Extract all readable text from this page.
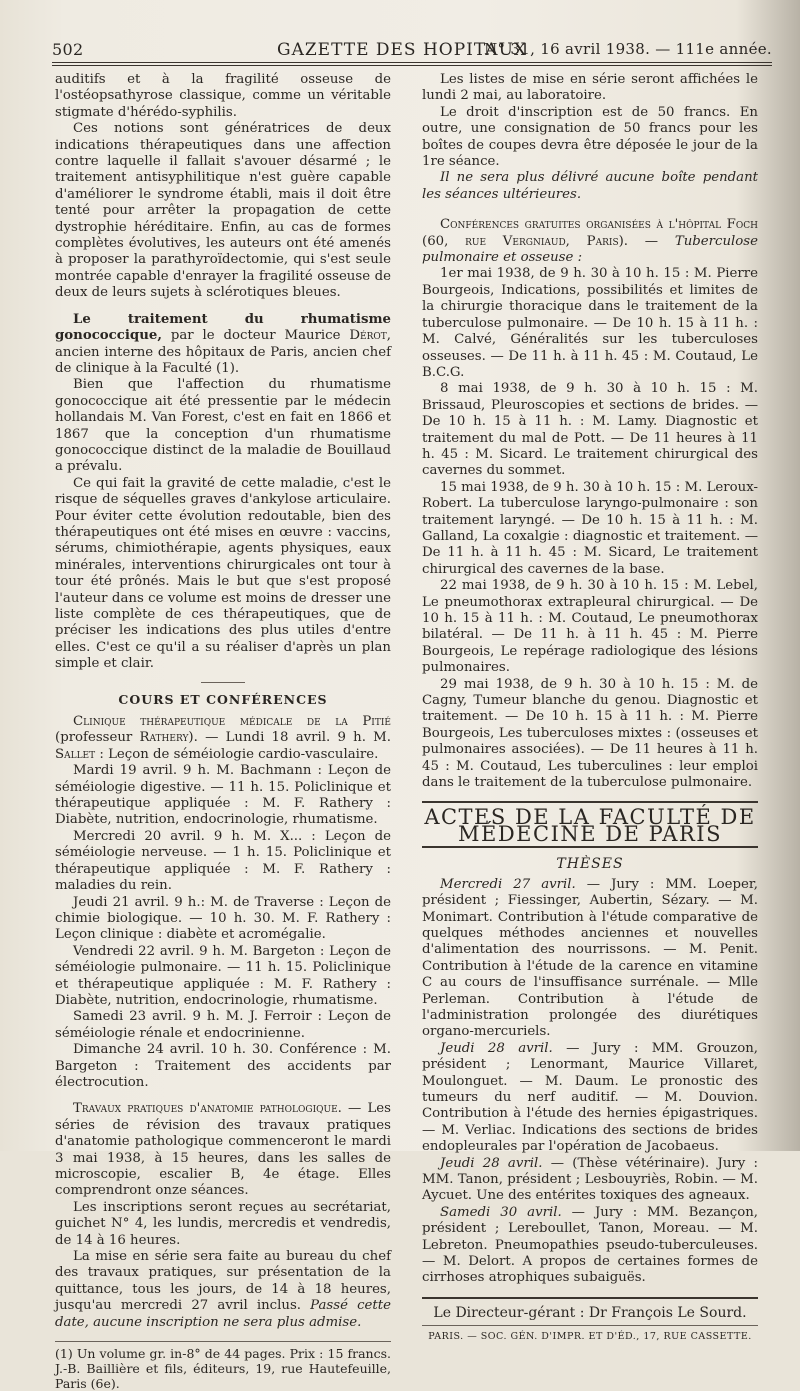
502	GAZETTE DES HOPITAUX
N° 31, 16 avril 1938. — 111e année.

auditifs et à la fragilité osseuse de l'ostéopsathyrose classique, comme un véritable stigmate d'hérédo-syphilis.

Ces notions sont génératrices de deux indications thérapeutiques dans une affection contre laquelle il fallait s'avouer désarmé ; le traitement antisyphilitique n'est guère capable d'améliorer le syndrome établi, mais il doit être tenté pour arrêter la propagation de cette dystrophie héréditaire. Enfin, au cas de formes complètes évolutives, les auteurs ont été amenés à proposer la parathyroïdectomie, qui s'est seule montrée capable d'enrayer la fragilité osseuse de deux de leurs sujets à sclérotiques bleues.

Le traitement du rhumatisme gonococcique, par le docteur Maurice Dérot, ancien interne des hôpitaux de Paris, ancien chef de clinique à la Faculté (1).

Bien que l'affection du rhumatisme gonococcique ait été pressentie par le médecin hollandais M. Van Forest, c'est en fait en 1866 et 1867 que la conception d'un rhumatisme gonococcique distinct de la maladie de Bouillaud a prévalu.

Ce qui fait la gravité de cette maladie, c'est le risque de séquelles graves d'ankylose articulaire. Pour éviter cette évolution redoutable, bien des thérapeutiques ont été mises en œuvre : vaccins, sérums, chimiothérapie, agents physiques, eaux minérales, interventions chirurgicales ont tour à tour été prônés. Mais le but que s'est proposé l'auteur dans ce volume est moins de dresser une liste complète de ces thérapeutiques, que de préciser les indications des plus utiles d'entre elles. C'est ce qu'il a su réaliser d'après un plan simple et clair.

COURS ET CONFÉRENCES

Clinique thérapeutique médicale de la Pitié (professeur Rathery). — Lundi 18 avril. 9 h. M. Sallet : Leçon de séméiologie cardio-vasculaire.

Mardi 19 avril. 9 h. M. Bachmann : Leçon de séméiologie digestive. — 11 h. 15. Policlinique et thérapeutique appliquée : M. F. Rathery : Diabète, nutrition, endocrinologie, rhumatisme.

Mercredi 20 avril. 9 h. M. X... : Leçon de séméiologie nerveuse. — 1 h. 15. Policlinique et thérapeutique appliquée : M. F. Rathery : maladies du rein.

Jeudi 21 avril. 9 h.: M. de Traverse : Leçon de chimie biologique. — 10 h. 30. M. F. Rathery : Leçon clinique : diabète et acromégalie.

Vendredi 22 avril. 9 h. M. Bargeton : Leçon de séméiologie pulmonaire. — 11 h. 15. Policlinique et thérapeutique appliquée : M. F. Rathery : Diabète, nutrition, endocrinologie, rhumatisme.

Samedi 23 avril. 9 h. M. J. Ferroir : Leçon de séméiologie rénale et endocrinienne.

Dimanche 24 avril. 10 h. 30. Conférence : M. Bargeton : Traitement des accidents par électrocution.

Travaux pratiques d'anatomie pathologique. — Les séries de révision des travaux pratiques d'anatomie pathologique commenceront le mardi 3 mai 1938, à 15 heures, dans les salles de microscopie, escalier B, 4e étage. Elles comprendront onze séances.

Les inscriptions seront reçues au secrétariat, guichet N° 4, les lundis, mercredis et vendredis, de 14 à 16 heures.

La mise en série sera faite au bureau du chef des travaux pratiques, sur présentation de la quittance, tous les jours, de 14 à 18 heures, jusqu'au mercredi 27 avril inclus. Passé cette date, aucune inscription ne sera plus admise.

(1) Un volume gr. in-8° de 44 pages. Prix : 15 francs. J.-B. Baillière et fils, éditeurs, 19, rue Hautefeuille, Paris (6e).

Les listes de mise en série seront affichées le lundi 2 mai, au laboratoire.

Le droit d'inscription est de 50 francs. En outre, une consignation de 50 francs pour les boîtes de coupes devra être déposée le jour de la 1re séance.

Il ne sera plus délivré aucune boîte pendant les séances ultérieures.

Conférences gratuites organisées à l'hôpital Foch (60, rue Vergniaud, Paris). — Tuberculose pulmonaire et osseuse :

1er mai 1938, de 9 h. 30 à 10 h. 15 : M. Pierre Bourgeois, Indications, possibilités et limites de la chirurgie thoracique dans le traitement de la tuberculose pulmonaire. — De 10 h. 15 à 11 h. : M. Calvé, Généralités sur les tuberculoses osseuses. — De 11 h. à 11 h. 45 : M. Coutaud, Le B.C.G.

8 mai 1938, de 9 h. 30 à 10 h. 15 : M. Brissaud, Pleuroscopies et sections de brides. — De 10 h. 15 à 11 h. : M. Lamy. Diagnostic et traitement du mal de Pott. — De 11 heures à 11 h. 45 : M. Sicard. Le traitement chirurgical des cavernes du sommet.

15 mai 1938, de 9 h. 30 à 10 h. 15 : M. Leroux-Robert. La tuberculose laryngo-pulmonaire : son traitement laryngé. — De 10 h. 15 à 11 h. : M. Galland, La coxalgie : diagnostic et traitement. — De 11 h. à 11 h. 45 : M. Sicard, Le traitement chirurgical des cavernes de la base.

22 mai 1938, de 9 h. 30 à 10 h. 15 : M. Lebel, Le pneumothorax extrapleural chirurgical. — De 10 h. 15 à 11 h. : M. Coutaud, Le pneumothorax bilatéral. — De 11 h. à 11 h. 45 : M. Pierre Bourgeois, Le repérage radiologique des lésions pulmonaires.

29 mai 1938, de 9 h. 30 à 10 h. 15 : M. de Cagny, Tumeur blanche du genou. Diagnostic et traitement. — De 10 h. 15 à 11 h. : M. Pierre Bourgeois, Les tuberculoses mixtes : (osseuses et pulmonaires associées). — De 11 heures à 11 h. 45 : M. Coutaud, Les tuberculines : leur emploi dans le traitement de la tuberculose pulmonaire.

ACTES DE LA FACULTÉ DE MÉDECINE DE PARIS
THÈSES

Mercredi 27 avril. — Jury : MM. Loeper, président ; Fiessinger, Aubertin, Sézary. — M. Monimart. Contribution à l'étude comparative de quelques méthodes anciennes et nouvelles d'alimentation des nourrissons. — M. Penit. Contribution à l'étude de la carence en vitamine C au cours de l'insuffisance surrénale. — Mlle Perleman. Contribution à l'étude de l'administration prolongée des diurétiques organo-mercuriels.

Jeudi 28 avril. — Jury : MM. Grouzon, président ; Lenormant, Maurice Villaret, Moulonguet. — M. Daum. Le pronostic des tumeurs du nerf auditif. — M. Douvion. Contribution à l'étude des hernies épigastriques. — M. Verliac. Indications des sections de brides endopleurales par l'opération de Jacobaeus.

Jeudi 28 avril. — (Thèse vétérinaire). Jury : MM. Tanon, président ; Lesbouyriès, Robin. — M. Aycuet. Une des entérites toxiques des agneaux.

Samedi 30 avril. — Jury : MM. Bezançon, président ; Lereboullet, Tanon, Moreau. — M. Lebreton. Pneumopathies pseudo-tuberculeuses. — M. Delort. A propos de certaines formes de cirrhoses atrophiques subaiguës.

Le Directeur-gérant : Dr François Le Sourd.
PARIS. — SOC. GÉN. D'IMPR. ET D'ÉD., 17, RUE CASSETTE.
